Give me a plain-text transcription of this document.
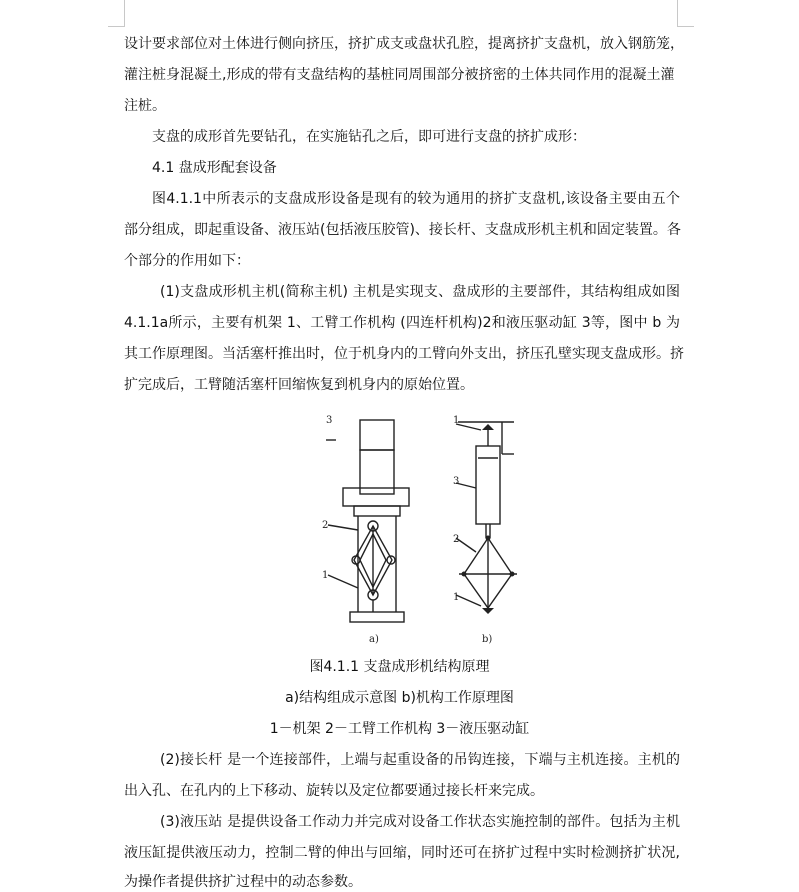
设计要求部位对土体进行侧向挤压，挤扩成支或盘状孔腔，提离挤扩支盘机，放入钢筋笼，
灌注桩身混凝土,形成的带有支盘结构的基桩同周围部分被挤密的土体共同作用的混凝土灌
注桩。
支盘的成形首先要钻孔，在实施钻孔之后，即可进行支盘的挤扩成形：
4.1 盘成形配套设备
图4.1.1中所表示的支盘成形设备是现有的较为通用的挤扩支盘机,该设备主要由五个
部分组成，即起重设备、液压站(包括液压胶管)、接长杆、支盘成形机主机和固定装置。各
个部分的作用如下：
(1)支盘成形机主机(简称主机) 主机是实现支、盘成形的主要部件，其结构组成如图
4.1.1a所示，主要有机架 1、工臂工作机构 (四连杆机构)2和液压驱动缸 3等，图中 b 为
其工作原理图。当活塞杆推出时，位于机身内的工臂向外支出，挤压孔壁实现支盘成形。挤
扩完成后，工臂随活塞杆回缩恢复到机身内的原始位置。
3
2
1
1
3
2
1
a)	b)
图4.1.1 支盘成形机结构原理
a)结构组成示意图 b)机构工作原理图
1－机架 2－工臂工作机构 3－液压驱动缸
(2)接长杆 是一个连接部件，上端与起重设备的吊钩连接，下端与主机连接。主机的
出入孔、在孔内的上下移动、旋转以及定位都要通过接长杆来完成。
(3)液压站 是提供设备工作动力并完成对设备工作状态实施控制的部件。包括为主机
液压缸提供液压动力，控制二臂的伸出与回缩，同时还可在挤扩过程中实时检测挤扩状况,
为操作者提供挤扩过程中的动态参数。
